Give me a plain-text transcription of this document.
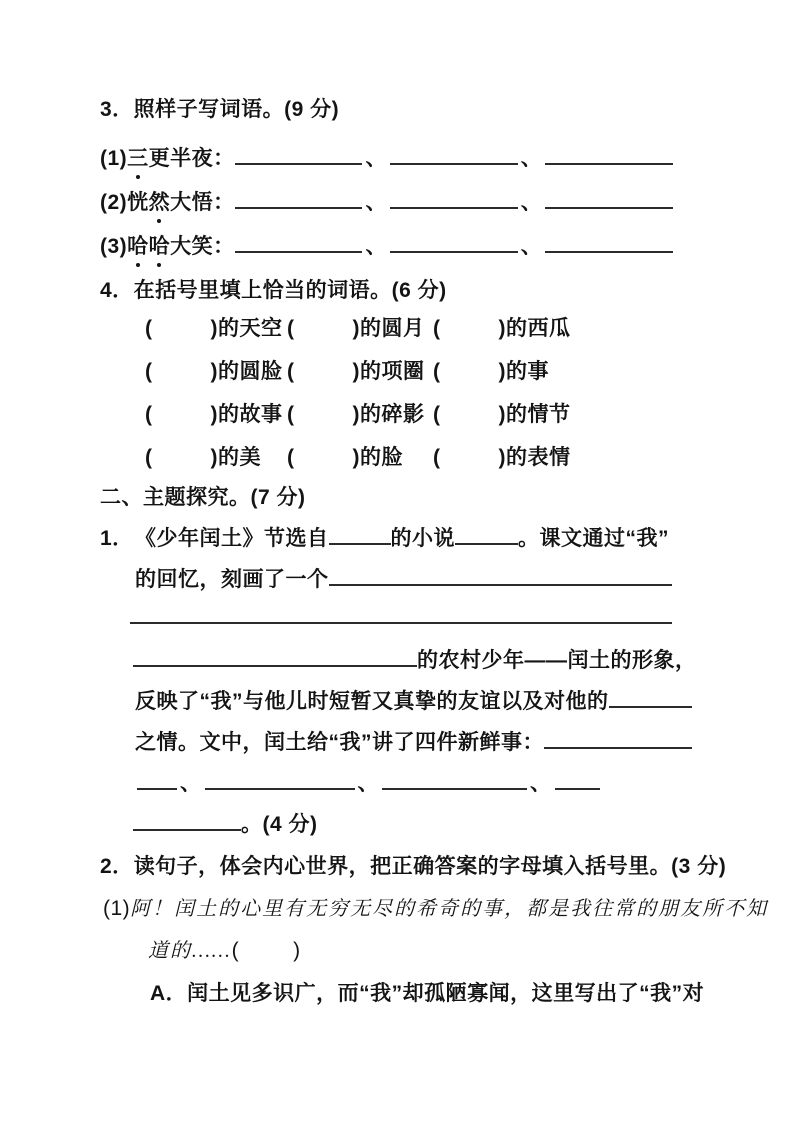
3．照样子写词语。(9 分)
(1) 三 更半夜 ：	、	、
(2) 恍 然 大悟 ：	、	、
(3) 哈哈 大笑 ：	、	、
4．在括号里填上恰当的词语。(6 分)
(	) 的天空 (	) 的圆月 (	) 的西瓜
(	) 的圆脸 (	) 的项圈 (	) 的事
(	) 的故事 (	) 的碎影 (	) 的情节
(	) 的美 (	) 的脸 (	) 的表情
二、主题探究。(7 分)
1． 《少年闰土》节选自	的小说	。课文通过“我”
的回忆，刻画了一个
的农村少年——闰土的形象，
反映了“我”与他儿时短暂又真挚的友谊以及对他的
之情。文中，闰土给“我”讲了四件新鲜事：
、	、	、
。(4 分)
2． 读句子，体会内心世界，把正确答案的字母填入括号里。(3 分)
(1) 阿！闰土的心里有无穷无尽的希奇的事，都是我往常的朋友所不知
道的…… (	)
A． 闰土见多识广，而“我”却孤陋寡闻，这里写出了“我”对
